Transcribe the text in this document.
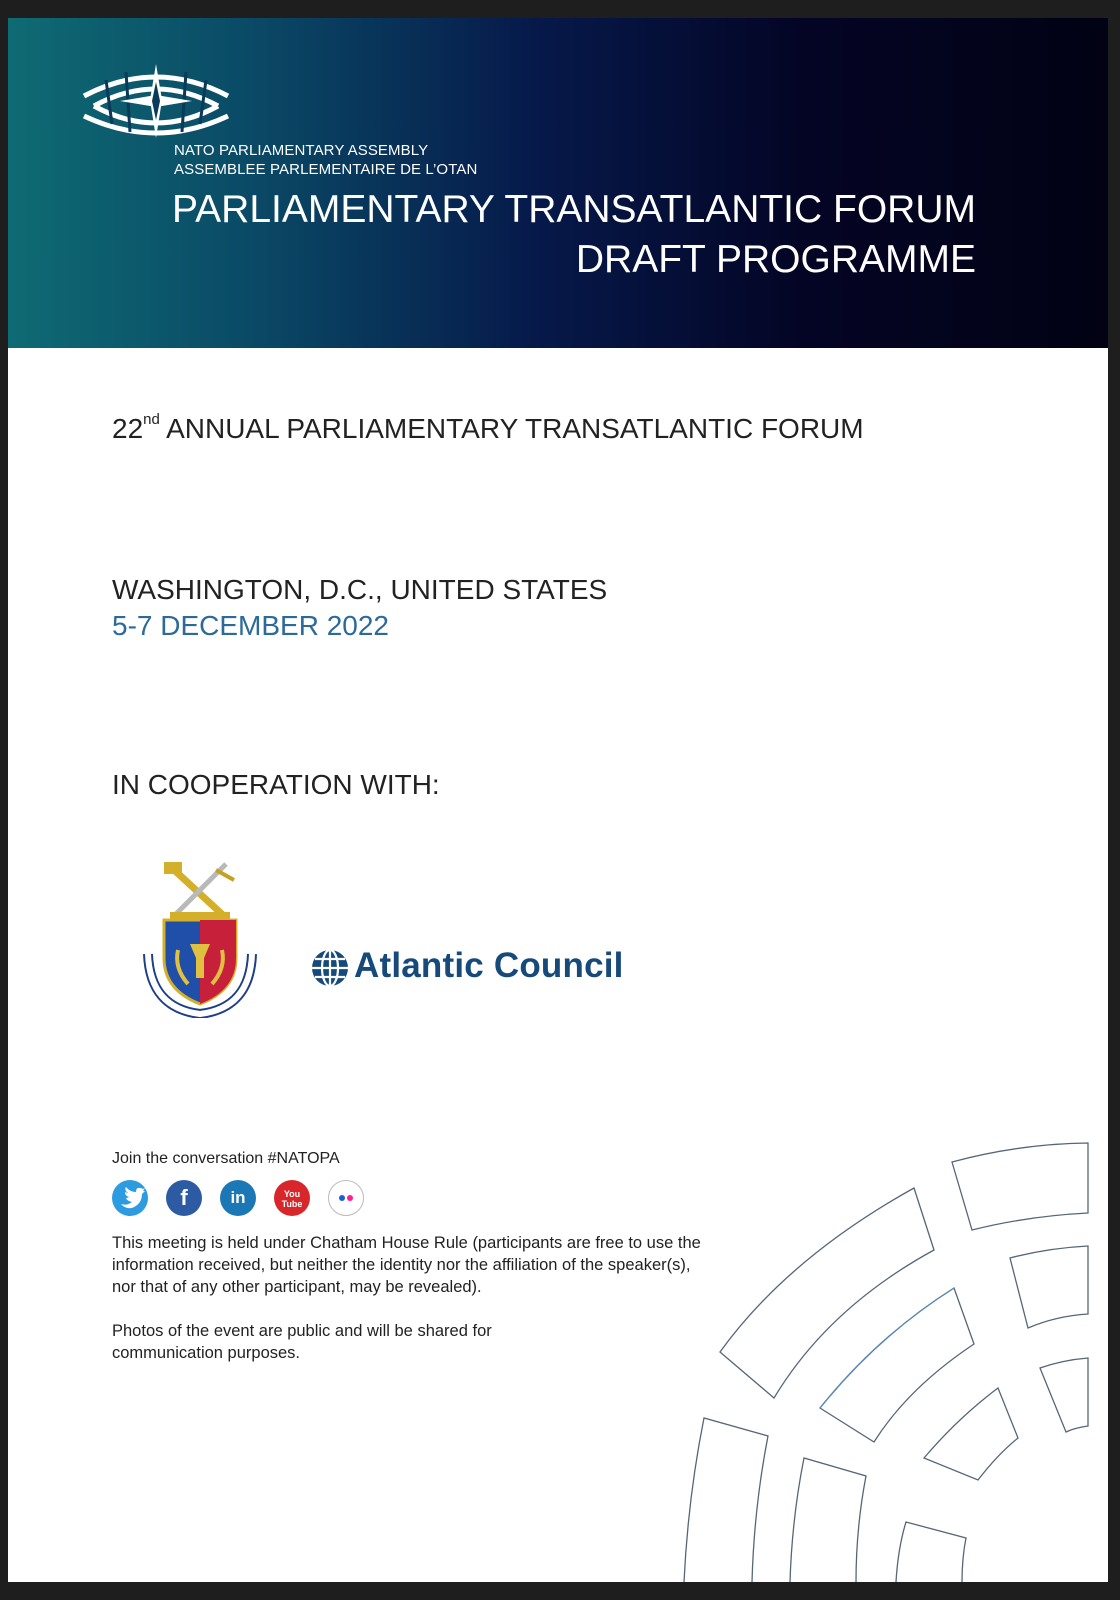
NATO PARLIAMENTARY ASSEMBLY
ASSEMBLEE PARLEMENTAIRE DE L’OTAN
PARLIAMENTARY TRANSATLANTIC FORUM
DRAFT PROGRAMME
22nd ANNUAL PARLIAMENTARY TRANSATLANTIC FORUM
WASHINGTON, D.C., UNITED STATES
5-7 DECEMBER 2022
IN COOPERATION WITH:
Atlantic Council
Join the conversation #NATOPA
f	in	You Tube
This meeting is held under Chatham House Rule (participants are free to use the information received, but neither the identity nor the affiliation of the speaker(s), nor that of any other participant, may be revealed).
Photos of the event are public and will be shared for communication purposes.
